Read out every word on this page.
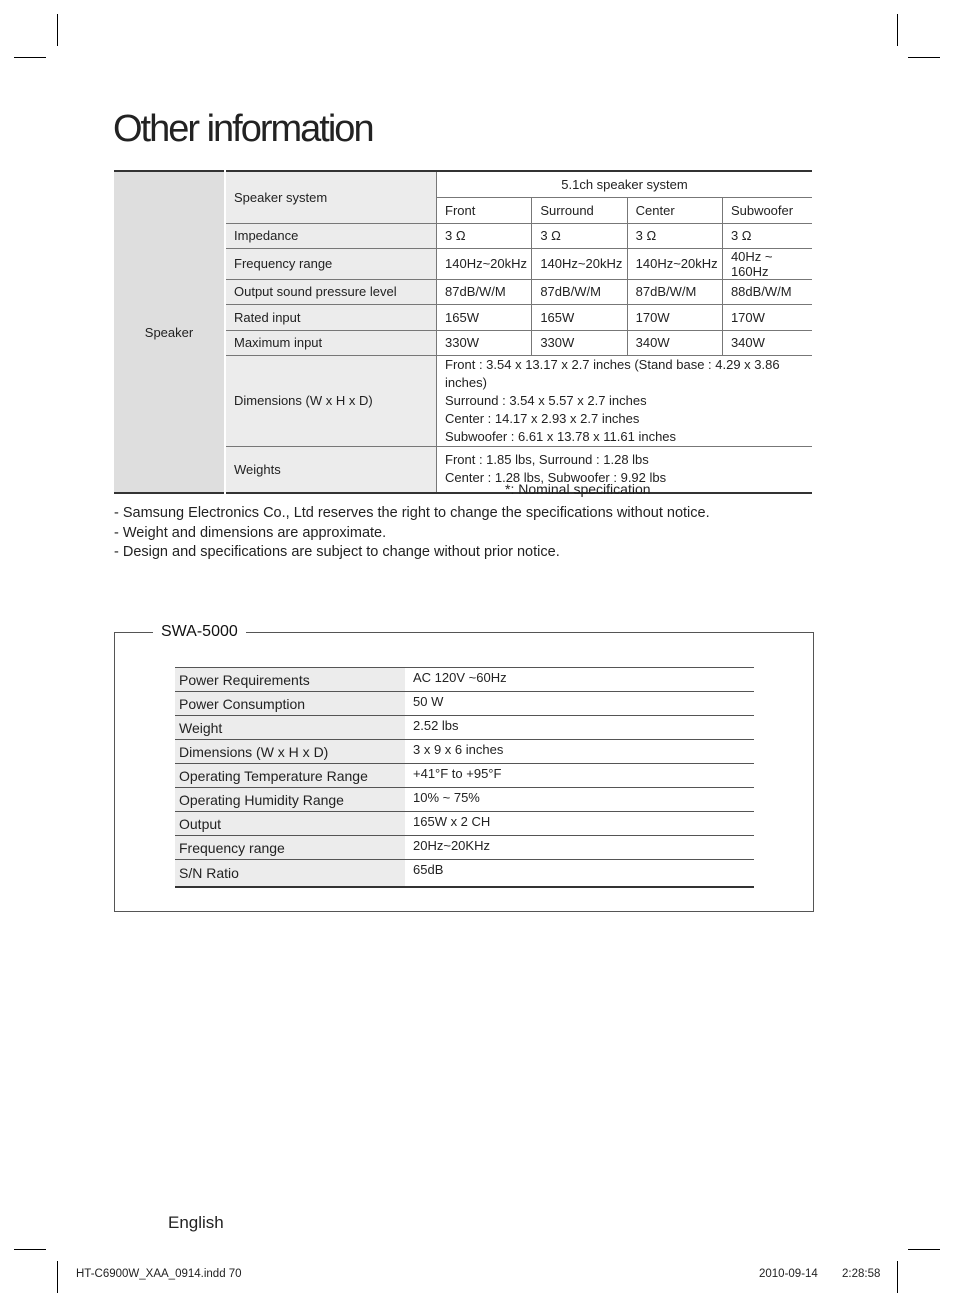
Other information
Speaker	Speaker system	5.1ch speaker system			
		Front	Surround	Center	Subwoofer
	Impedance	3 Ω	3 Ω	3 Ω	3 Ω
	Frequency range	140Hz~20kHz	140Hz~20kHz	140Hz~20kHz	40Hz ~ 160Hz
	Output sound pressure level	87dB/W/M	87dB/W/M	87dB/W/M	88dB/W/M
	Rated input	165W	165W	170W	170W
	Maximum input	330W	330W	340W	340W
	Dimensions (W x H x D)	Front : 3.54 x 13.17 x 2.7 inches (Stand base : 4.29 x 3.86 inches)
Surround : 3.54 x 5.57 x 2.7 inches
Center : 14.17 x 2.93 x 2.7 inches
Subwoofer : 6.61 x 13.78 x 11.61 inches			

	Weights	Front : 1.85 lbs, Surround : 1.28 lbs
Center : 1.28 lbs, Subwoofer : 9.92 lbs			
*: Nominal specification
- Samsung Electronics Co., Ltd reserves the right to change the specifications without notice.
- Weight and dimensions are approximate.
- Design and specifications are subject to change without prior notice.
SWA-5000
Power Requirements	AC 120V ~60Hz
Power Consumption	50 W
Weight	2.52 lbs
Dimensions (W x H x D)	3 x 9 x 6 inches
Operating Temperature Range	+41°F to +95°F
Operating Humidity Range	10% ~ 75%
Output	165W x 2 CH
Frequency range	20Hz~20KHz
S/N Ratio	65dB
English
HT-C6900W_XAA_0914.indd 70	2010-09-14 2:28:58
